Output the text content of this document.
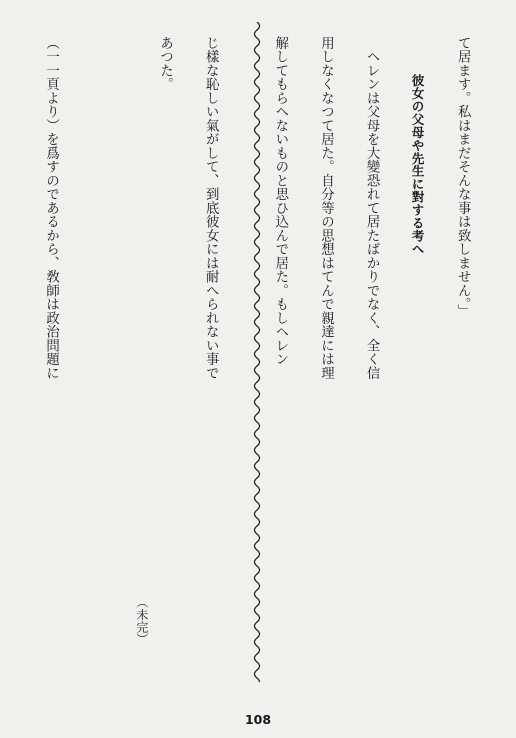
て居ます。私はまだそんな事は致しません。」

彼女の父母や先生に對する考へ

　ヘレンは父母を大變恐れて居たばかりでなく、全く信

用しなくなつて居た。自分等の思想はてんで親達には理

解してもらへないものと思ひ込んで居た。もしヘレン

じ樣な恥しい氣がして、到底彼女には耐へられない事で

あつた。
（未完）

（一一頁より）を爲すのであるから、敎師は政治問題に

108
